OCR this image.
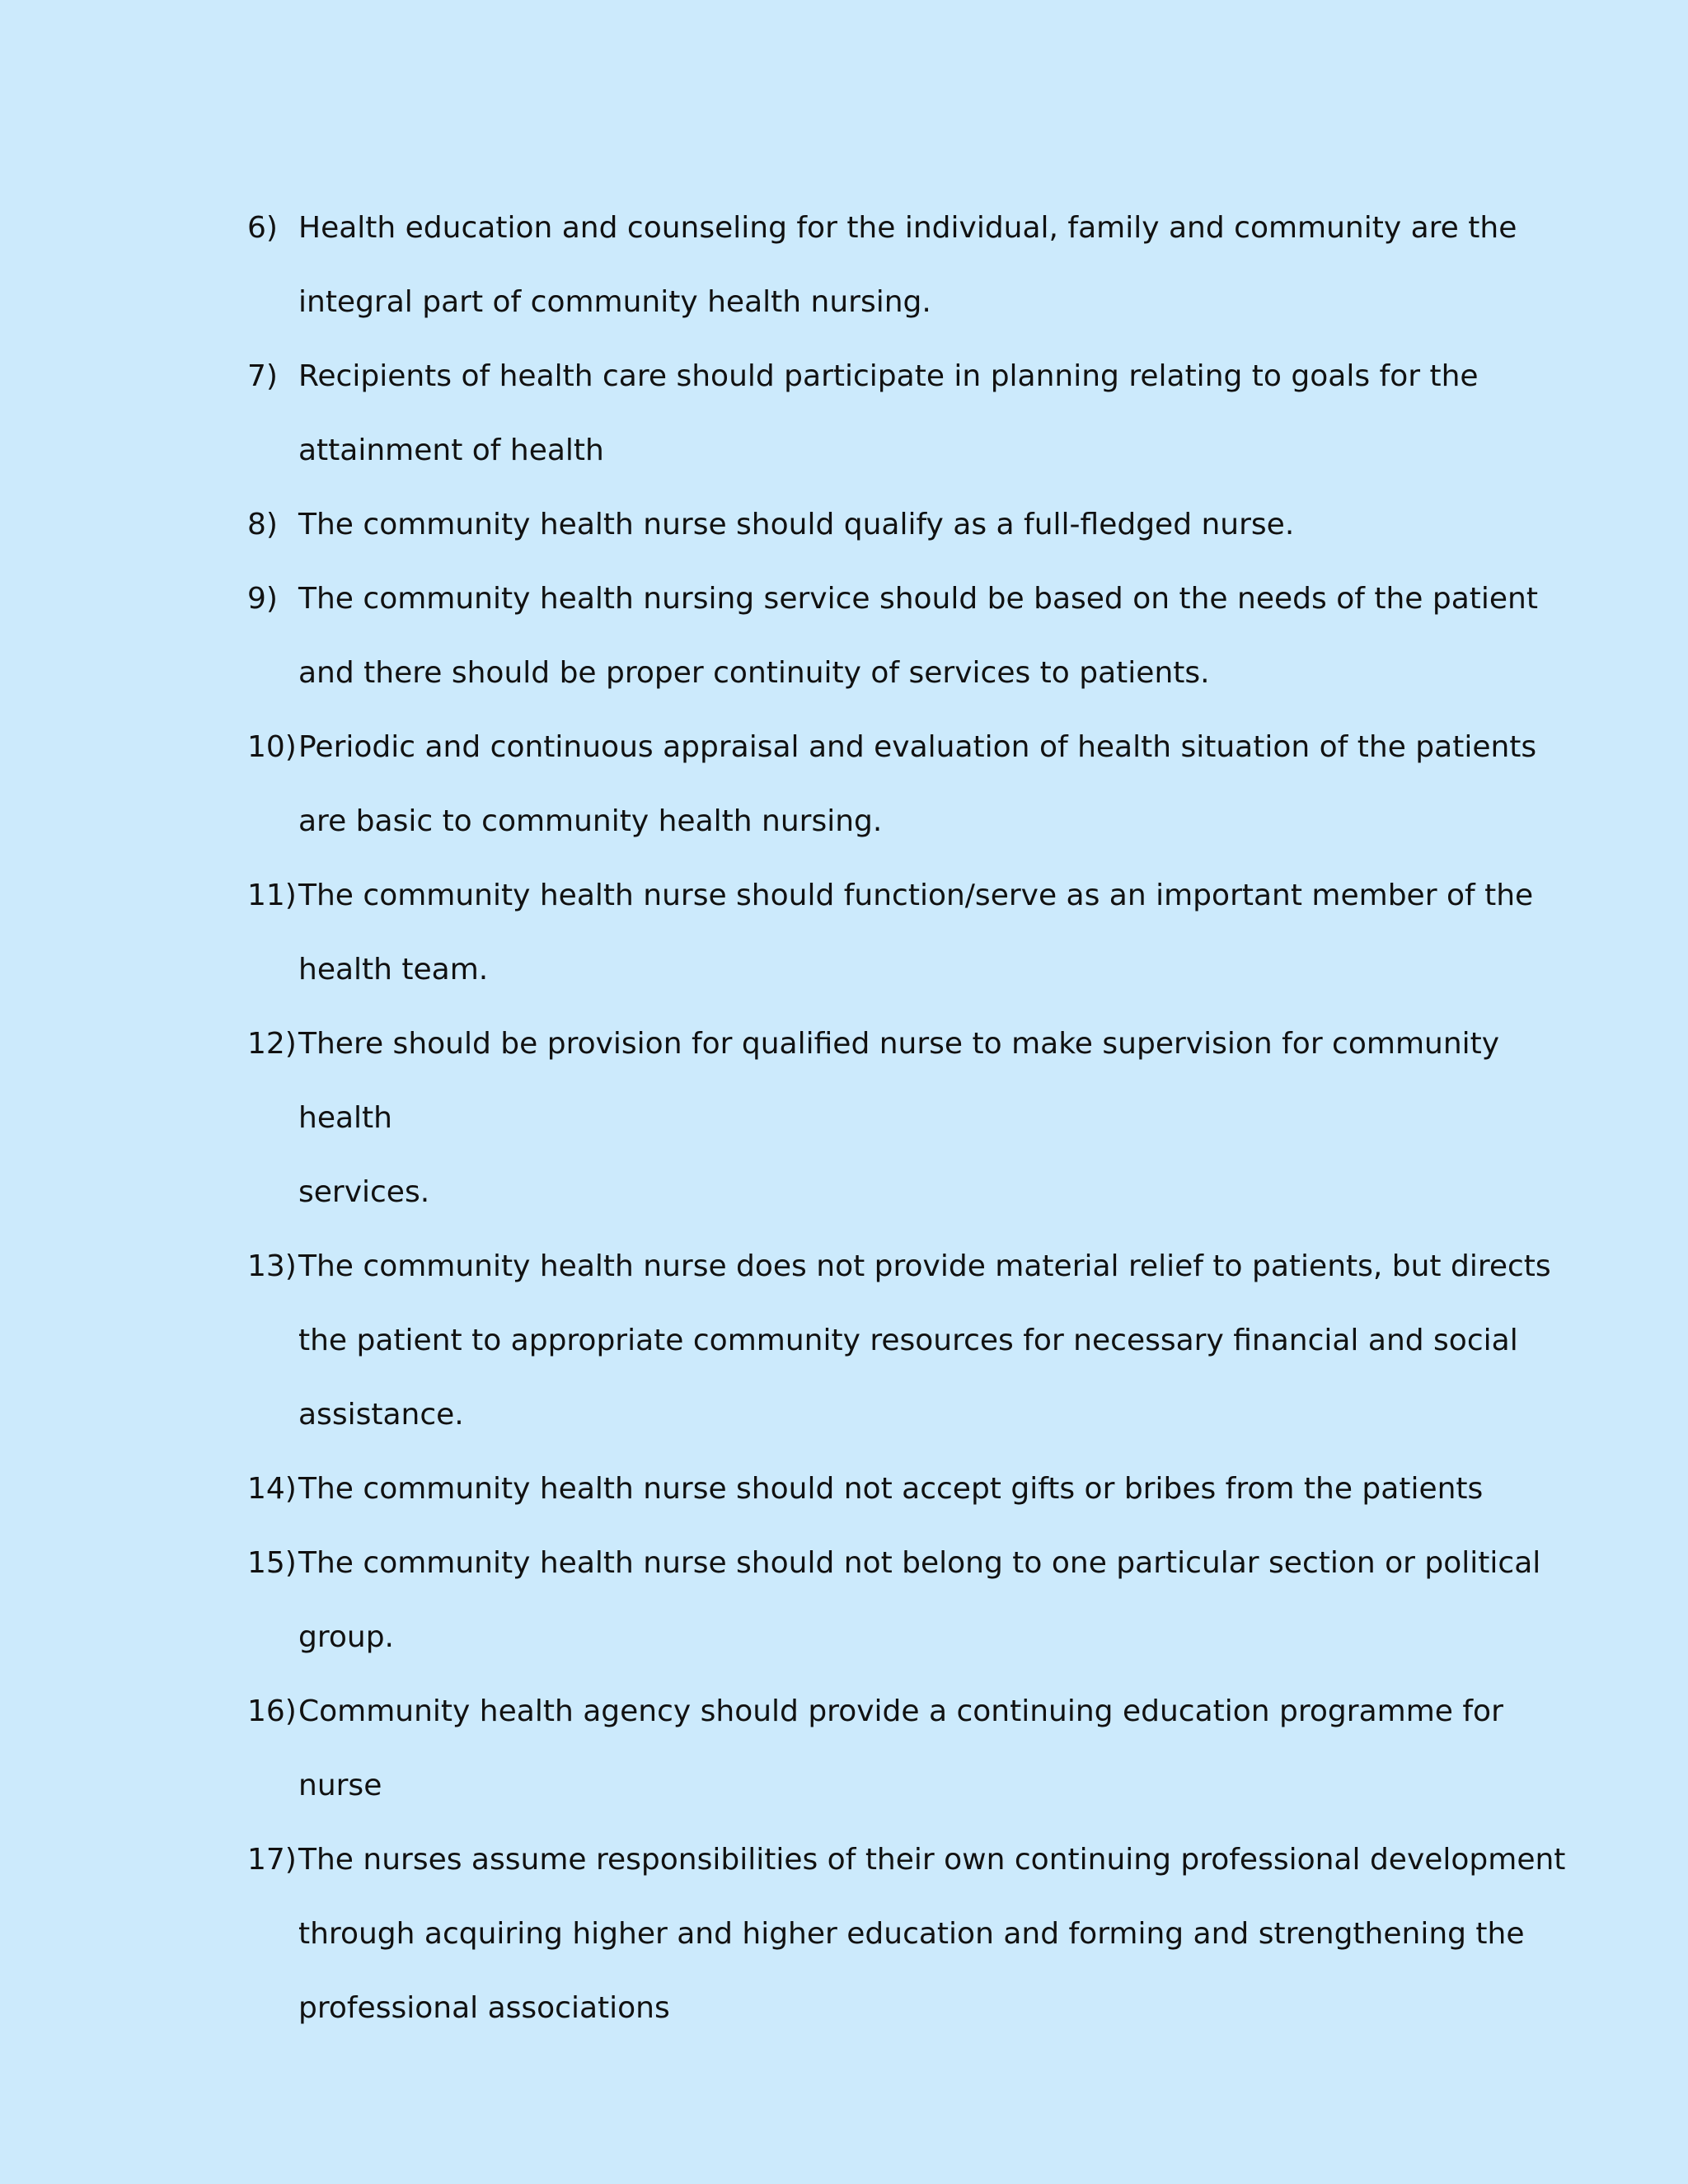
6) Health education and counseling for the individual, family and community are the
integral part of community health nursing.
7) Recipients of health care should participate in planning relating to goals for the
attainment of health
8) The community health nurse should qualify as a full-fledged nurse.
9) The community health nursing service should be based on the needs of the patient
and there should be proper continuity of services to patients.
10) Periodic and continuous appraisal and evaluation of health situation of the patients
are basic to community health nursing.
11) The community health nurse should function/serve as an important member of the
health team.
12) There should be provision for qualified nurse to make supervision for community health
services.
13) The community health nurse does not provide material relief to patients, but directs
the patient to appropriate community resources for necessary financial and social
assistance.
14) The community health nurse should not accept gifts or bribes from the patients
15) The community health nurse should not belong to one particular section or political
group.
16) Community health agency should provide a continuing education programme for
nurse
17) The nurses assume responsibilities of their own continuing professional development
through acquiring higher and higher education and forming and strengthening the
professional associations
